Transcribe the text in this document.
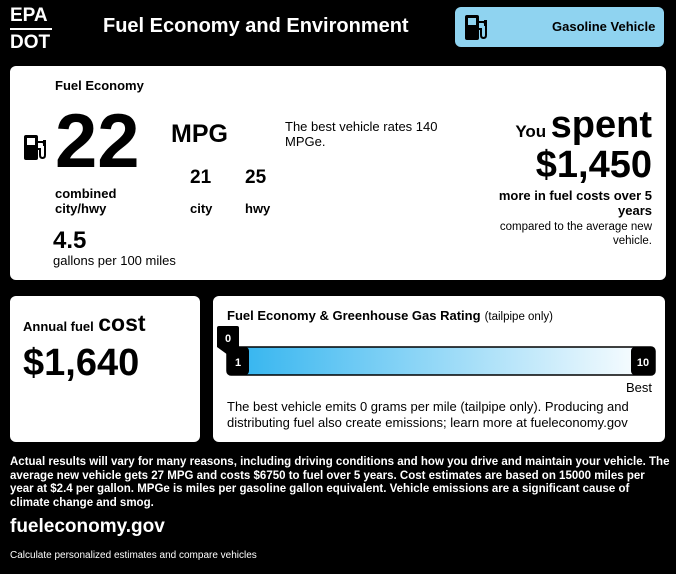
EPA
DOT
Fuel Economy and Environment	Gasoline Vehicle
Fuel Economy
22 MPG	The best vehicle rates 140 MPGe.
combined city/hwy
21 25
city	hwy
4.5
gallons per 100 miles
You spent
$1,450
more in fuel costs over 5 years
compared to the average new vehicle.
Annual fuel cost
$1,640
Fuel Economy & Greenhouse Gas Rating (tailpipe only)
1	10
0
Best
The best vehicle emits 0 grams per mile (tailpipe only). Producing and distributing fuel also create emissions; learn more at fueleconomy.gov
Actual results will vary for many reasons, including driving conditions and how you drive and maintain your vehicle. The average new vehicle gets 27 MPG and costs $6750 to fuel over 5 years. Cost estimates are based on 15000 miles per year at $2.4 per gallon. MPGe is miles per gasoline gallon equivalent. Vehicle emissions are a significant cause of climate change and smog.
fueleconomy.gov
Calculate personalized estimates and compare vehicles
